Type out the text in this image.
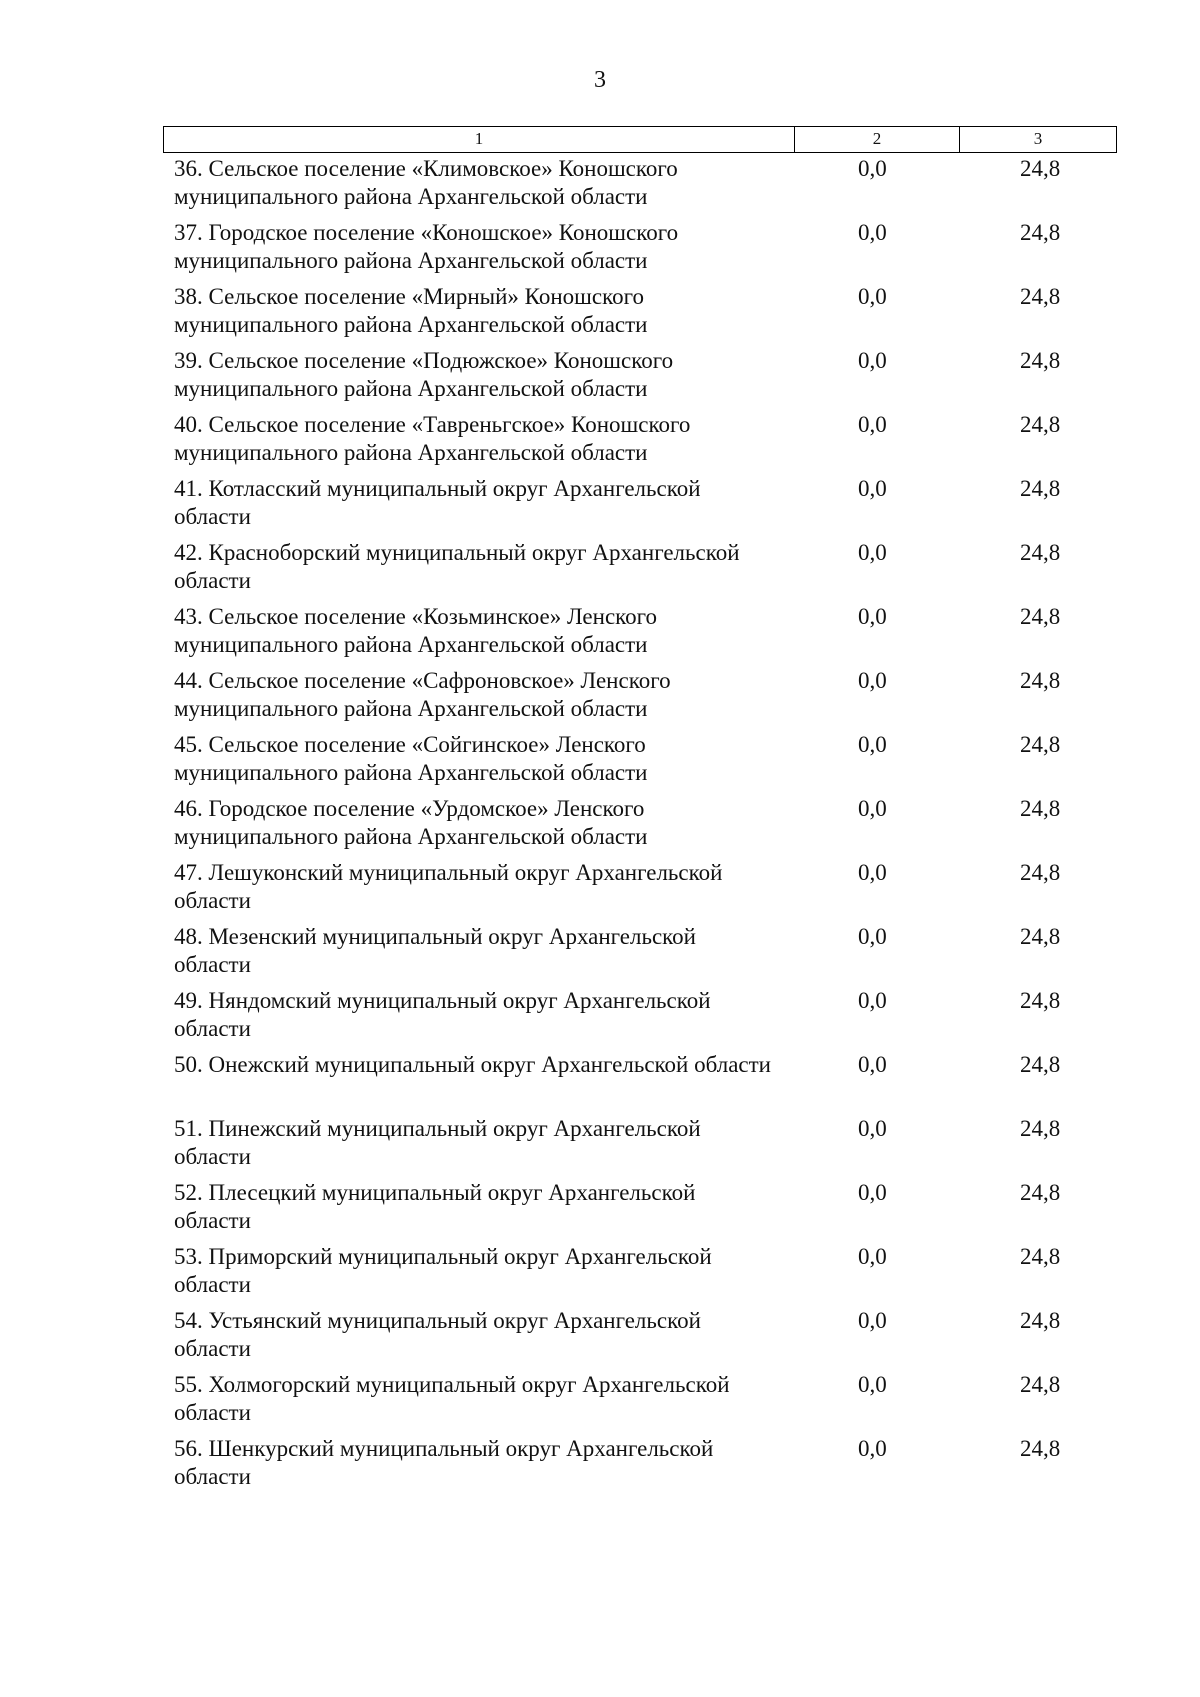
3
1	2	3
36. Сельское поселение «Климовское» Коношского муниципального района Архангельской области
0,0	24,8
37. Городское поселение «Коношское» Коношского муниципального района Архангельской области
0,0	24,8
38. Сельское поселение «Мирный» Коношского муниципального района Архангельской области
0,0	24,8
39. Сельское поселение «Подюжское» Коношского муниципального района Архангельской области
0,0	24,8
40. Сельское поселение «Тавреньгское» Коношского муниципального района Архангельской области
0,0	24,8
41. Котласский муниципальный округ Архангельской области
0,0	24,8
42. Красноборский муниципальный округ Архангельской области
0,0	24,8
43. Сельское поселение «Козьминское» Ленского муниципального района Архангельской области
0,0	24,8
44. Сельское поселение «Сафроновское» Ленского муниципального района Архангельской области
0,0	24,8
45. Сельское поселение «Сойгинское» Ленского муниципального района Архангельской области
0,0	24,8
46. Городское поселение «Урдомское» Ленского муниципального района Архангельской области
0,0	24,8
47. Лешуконский муниципальный округ Архангельской области
0,0	24,8
48. Мезенский муниципальный округ Архангельской области
0,0	24,8
49. Няндомский муниципальный округ Архангельской области
0,0	24,8
50. Онежский муниципальный округ Архангельской области	0,0	24,8
51. Пинежский муниципальный округ Архангельской области
0,0	24,8
52. Плесецкий муниципальный округ Архангельской области
0,0	24,8
53. Приморский муниципальный округ Архангельской области
0,0	24,8
54. Устьянский муниципальный округ Архангельской области
0,0	24,8
55. Холмогорский муниципальный округ Архангельской области
0,0	24,8
56. Шенкурский муниципальный округ Архангельской области
0,0	24,8
